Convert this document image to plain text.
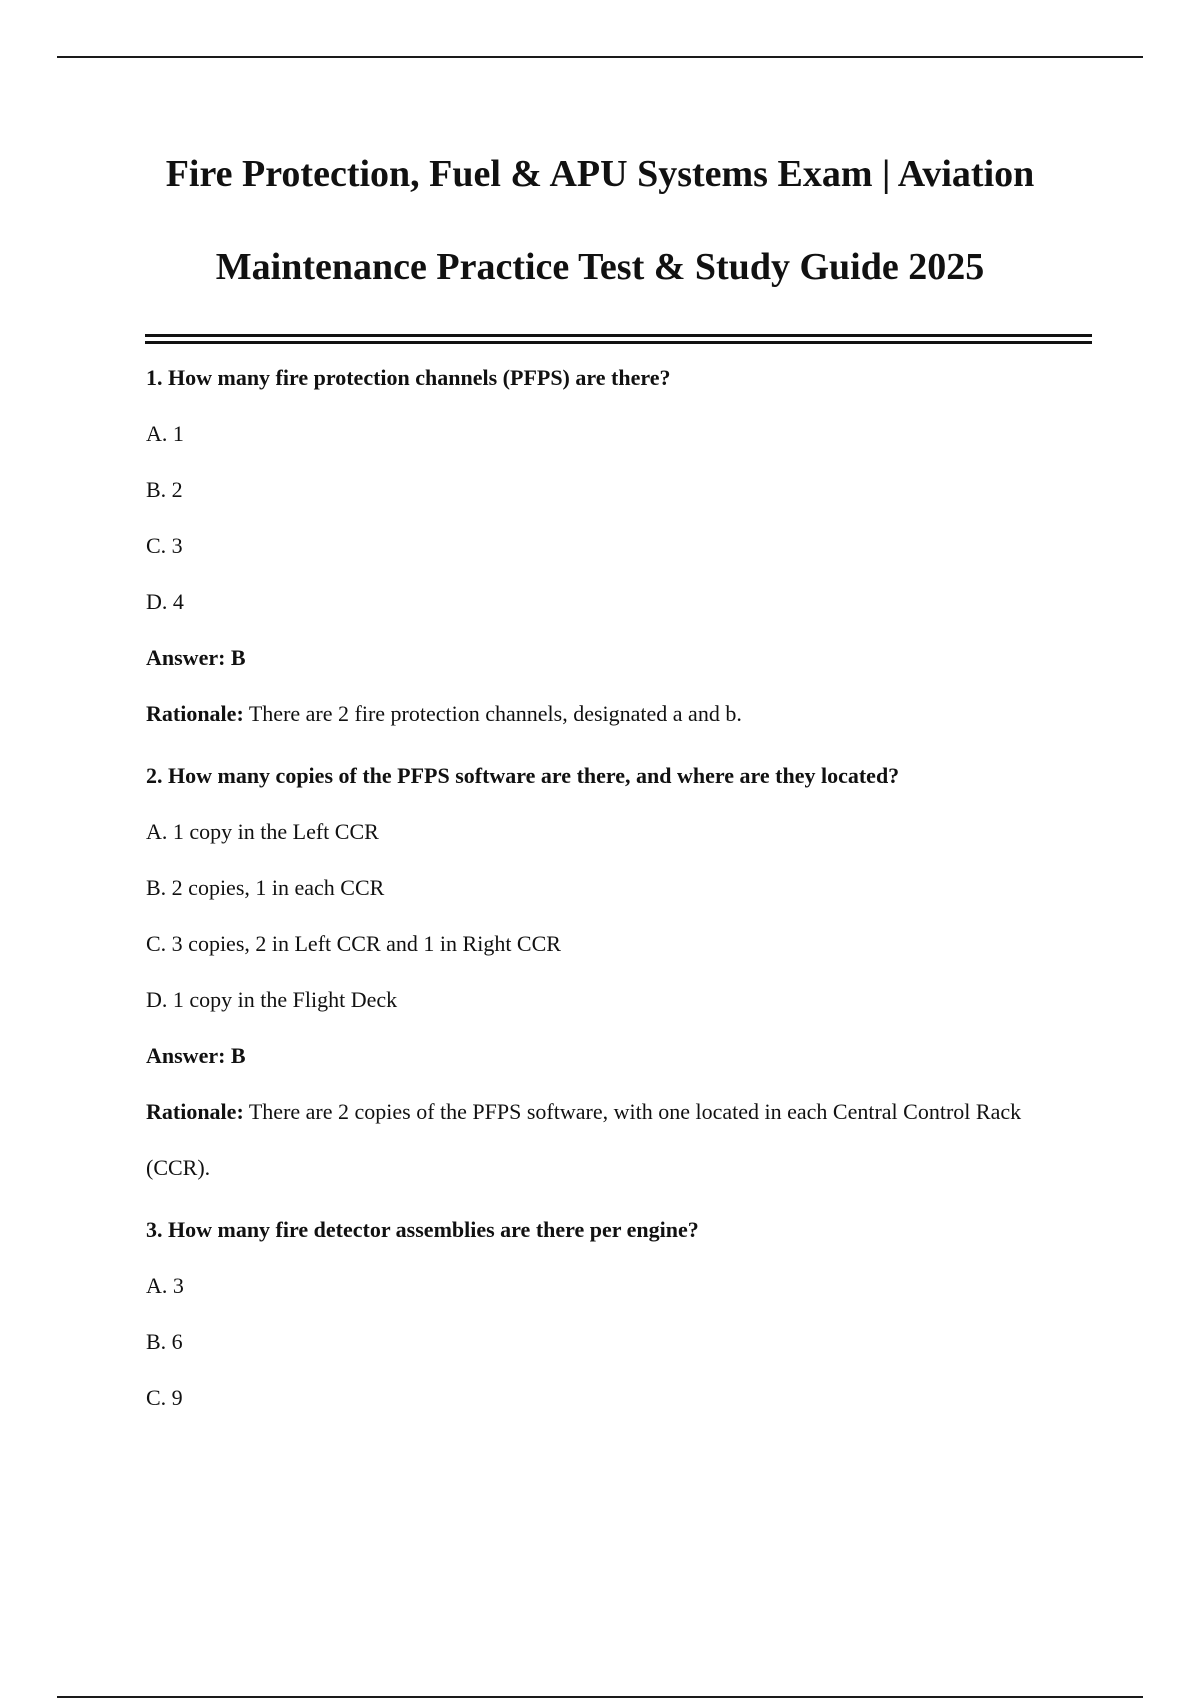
Fire Protection, Fuel & APU Systems Exam | Aviation
Maintenance Practice Test & Study Guide 2025

1. How many fire protection channels (PFPS) are there?

A. 1

B. 2

C. 3

D. 4

Answer: B

Rationale: There are 2 fire protection channels, designated a and b.

2. How many copies of the PFPS software are there, and where are they located?

A. 1 copy in the Left CCR

B. 2 copies, 1 in each CCR

C. 3 copies, 2 in Left CCR and 1 in Right CCR

D. 1 copy in the Flight Deck

Answer: B

Rationale: There are 2 copies of the PFPS software, with one located in each Central Control Rack (CCR).

3. How many fire detector assemblies are there per engine?

A. 3

B. 6

C. 9
